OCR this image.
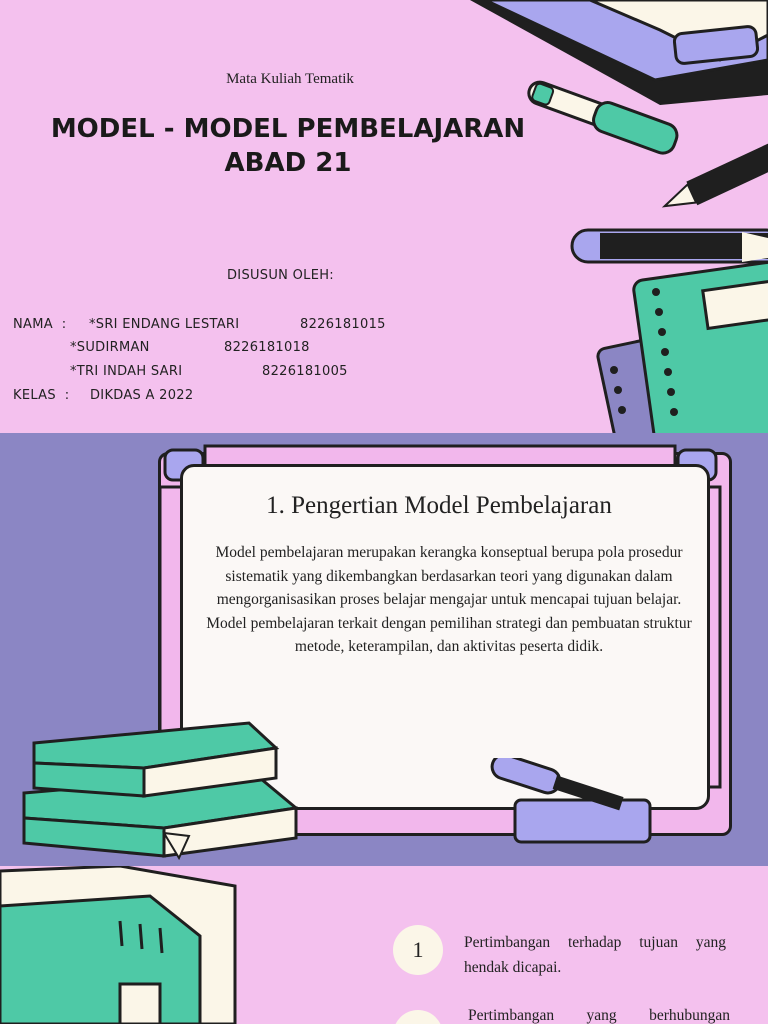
Mata Kuliah Tematik
MODEL - MODEL PEMBELAJARAN
ABAD 21
DISUSUN OLEH:
NAMA  : *SRI ENDANG LESTARI	8226181015
*SUDIRMAN	8226181018
*TRI INDAH SARI	8226181005
KELAS  : DIKDAS A 2022
1. Pengertian Model Pembelajaran
Model pembelajaran merupakan kerangka konseptual berupa pola prosedur sistematik yang dikembangkan berdasarkan teori yang digunakan dalam mengorganisasikan proses belajar mengajar untuk mencapai tujuan belajar. Model pembelajaran terkait dengan pemilihan strategi dan pembuatan struktur metode, keterampilan, dan aktivitas peserta didik.
1	Pertimbangan terhadap tujuan yang
hendak dicapai.
Pertimbangan yang berhubungan
